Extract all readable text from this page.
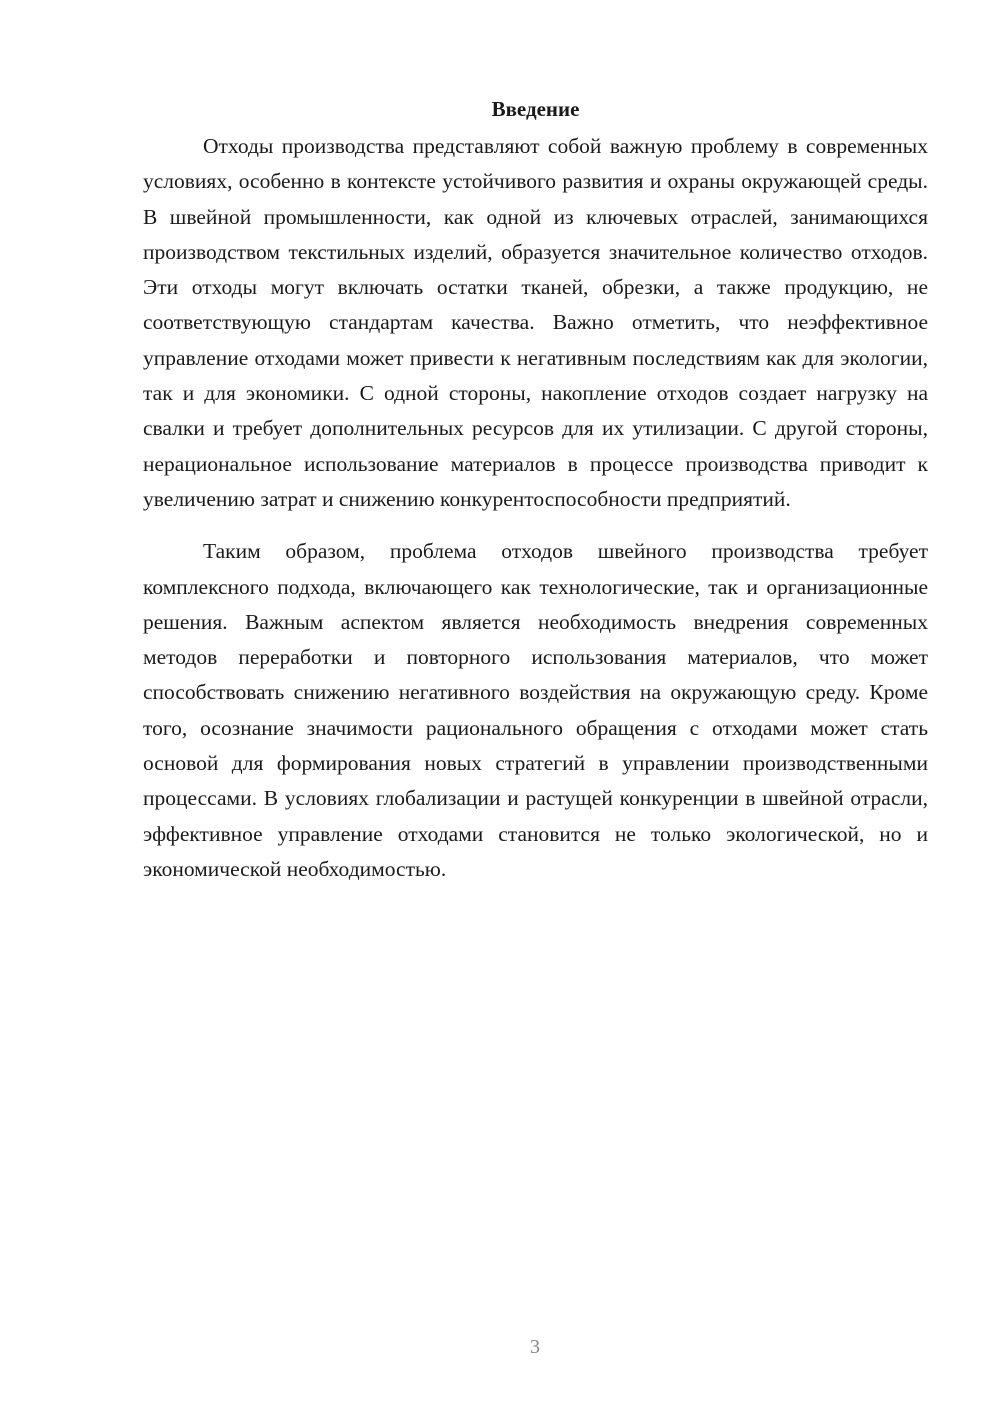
Введение

Отходы производства представляют собой важную проблему в современных условиях, особенно в контексте устойчивого развития и охраны окружающей среды. В швейной промышленности, как одной из ключевых отраслей, занимающихся производством текстильных изделий, образуется значительное количество отходов. Эти отходы могут включать остатки тканей, обрезки, а также продукцию, не соответствующую стандартам качества. Важно отметить, что неэффективное управление отходами может привести к негативным последствиям как для экологии, так и для экономики. С одной стороны, накопление отходов создает нагрузку на свалки и требует дополнительных ресурсов для их утилизации. С другой стороны, нерациональное использование материалов в процессе производства приводит к увеличению затрат и снижению конкурентоспособности предприятий.

Таким образом, проблема отходов швейного производства требует комплексного подхода, включающего как технологические, так и организационные решения. Важным аспектом является необходимость внедрения современных методов переработки и повторного использования материалов, что может способствовать снижению негативного воздействия на окружающую среду. Кроме того, осознание значимости рационального обращения с отходами может стать основой для формирования новых стратегий в управлении производственными процессами. В условиях глобализации и растущей конкуренции в швейной отрасли, эффективное управление отходами становится не только экологической, но и экономической необходимостью.

3
